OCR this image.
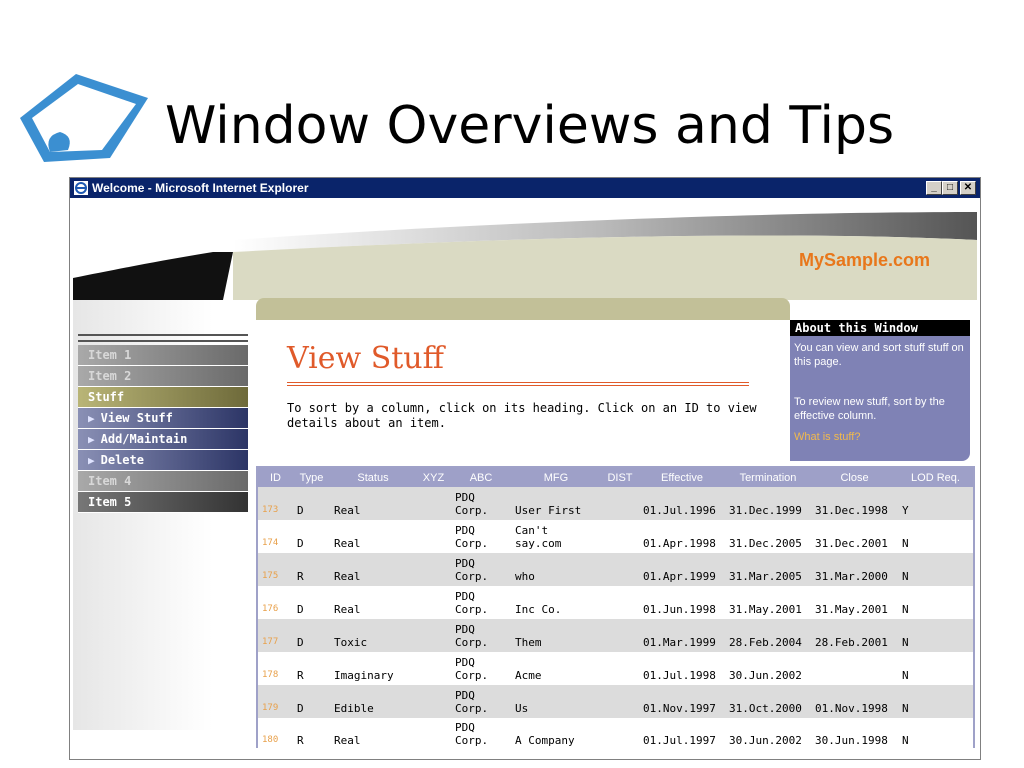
Window Overviews and Tips
Welcome - Microsoft Internet Explorer	_	□	✕
MySample.com
Item 1
Item 2
Stuff
▶ View Stuff
▶ Add/Maintain
▶ Delete
Item 4
Item 5
View Stuff
To sort by a column, click on its heading. Click on an ID to view details about an item.
About this Window
You can view and sort stuff stuff on this page.
To review new stuff, sort by the effective column.
What is stuff?
ID	Type	Status	XYZ	ABC	MFG	DIST	Effective	Termination	Close	LOD Req.
173	D	Real		PDQ Corp.	User First		01.Jul.1996	31.Dec.1999	31.Dec.1998	Y
174	D	Real		PDQ Corp.	Can't say.com		01.Apr.1998	31.Dec.2005	31.Dec.2001	N
175	R	Real		PDQ Corp.	who		01.Apr.1999	31.Mar.2005	31.Mar.2000	N
176	D	Real		PDQ Corp.	Inc Co.		01.Jun.1998	31.May.2001	31.May.2001	N
177	D	Toxic		PDQ Corp.	Them		01.Mar.1999	28.Feb.2004	28.Feb.2001	N
178	R	Imaginary		PDQ Corp.	Acme		01.Jul.1998	30.Jun.2002		N
179	D	Edible		PDQ Corp.	Us		01.Nov.1997	31.Oct.2000	01.Nov.1998	N
180	R	Real		PDQ Corp.	A Company		01.Jul.1997	30.Jun.2002	30.Jun.1998	N
